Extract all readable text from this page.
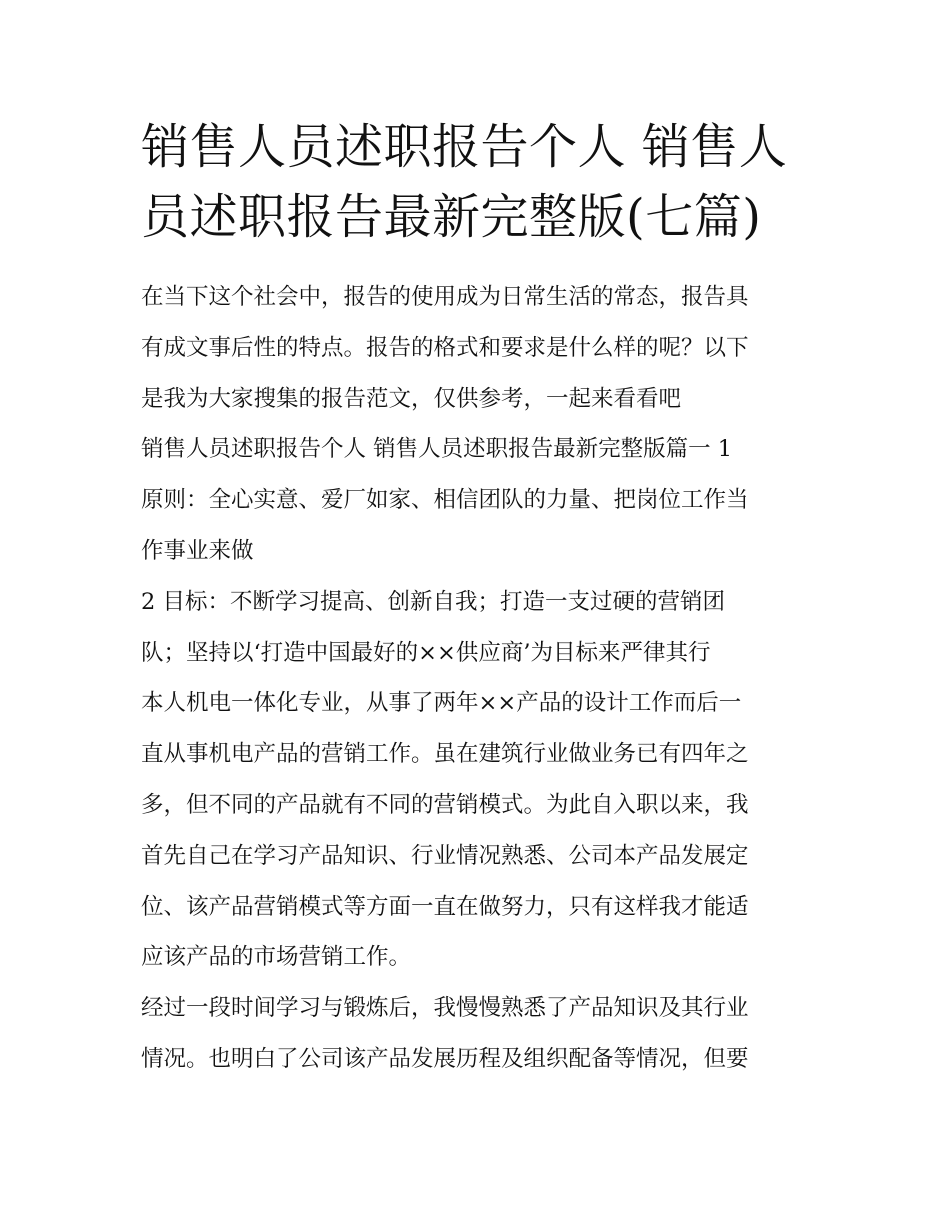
销售人员述职报告个人 销售人
员述职报告最新完整版(七篇)

在当下这个社会中，报告的使用成为日常生活的常态，报告具
有成文事后性的特点。报告的格式和要求是什么样的呢？以下
是我为大家搜集的报告范文，仅供参考，一起来看看吧

销售人员述职报告个人 销售人员述职报告最新完整版篇一 1
原则：全心实意、爱厂如家、相信团队的力量、把岗位工作当
作事业来做

2 目标：不断学习提高、创新自我；打造一支过硬的营销团
队；坚持以‘打造中国最好的××供应商’为目标来严律其行

本人机电一体化专业，从事了两年××产品的设计工作而后一
直从事机电产品的营销工作。虽在建筑行业做业务已有四年之
多，但不同的产品就有不同的营销模式。为此自入职以来，我
首先自己在学习产品知识、行业情况熟悉、公司本产品发展定
位、该产品营销模式等方面一直在做努力，只有这样我才能适
应该产品的市场营销工作。

经过一段时间学习与锻炼后，我慢慢熟悉了产品知识及其行业
情况。也明白了公司该产品发展历程及组织配备等情况，但要
